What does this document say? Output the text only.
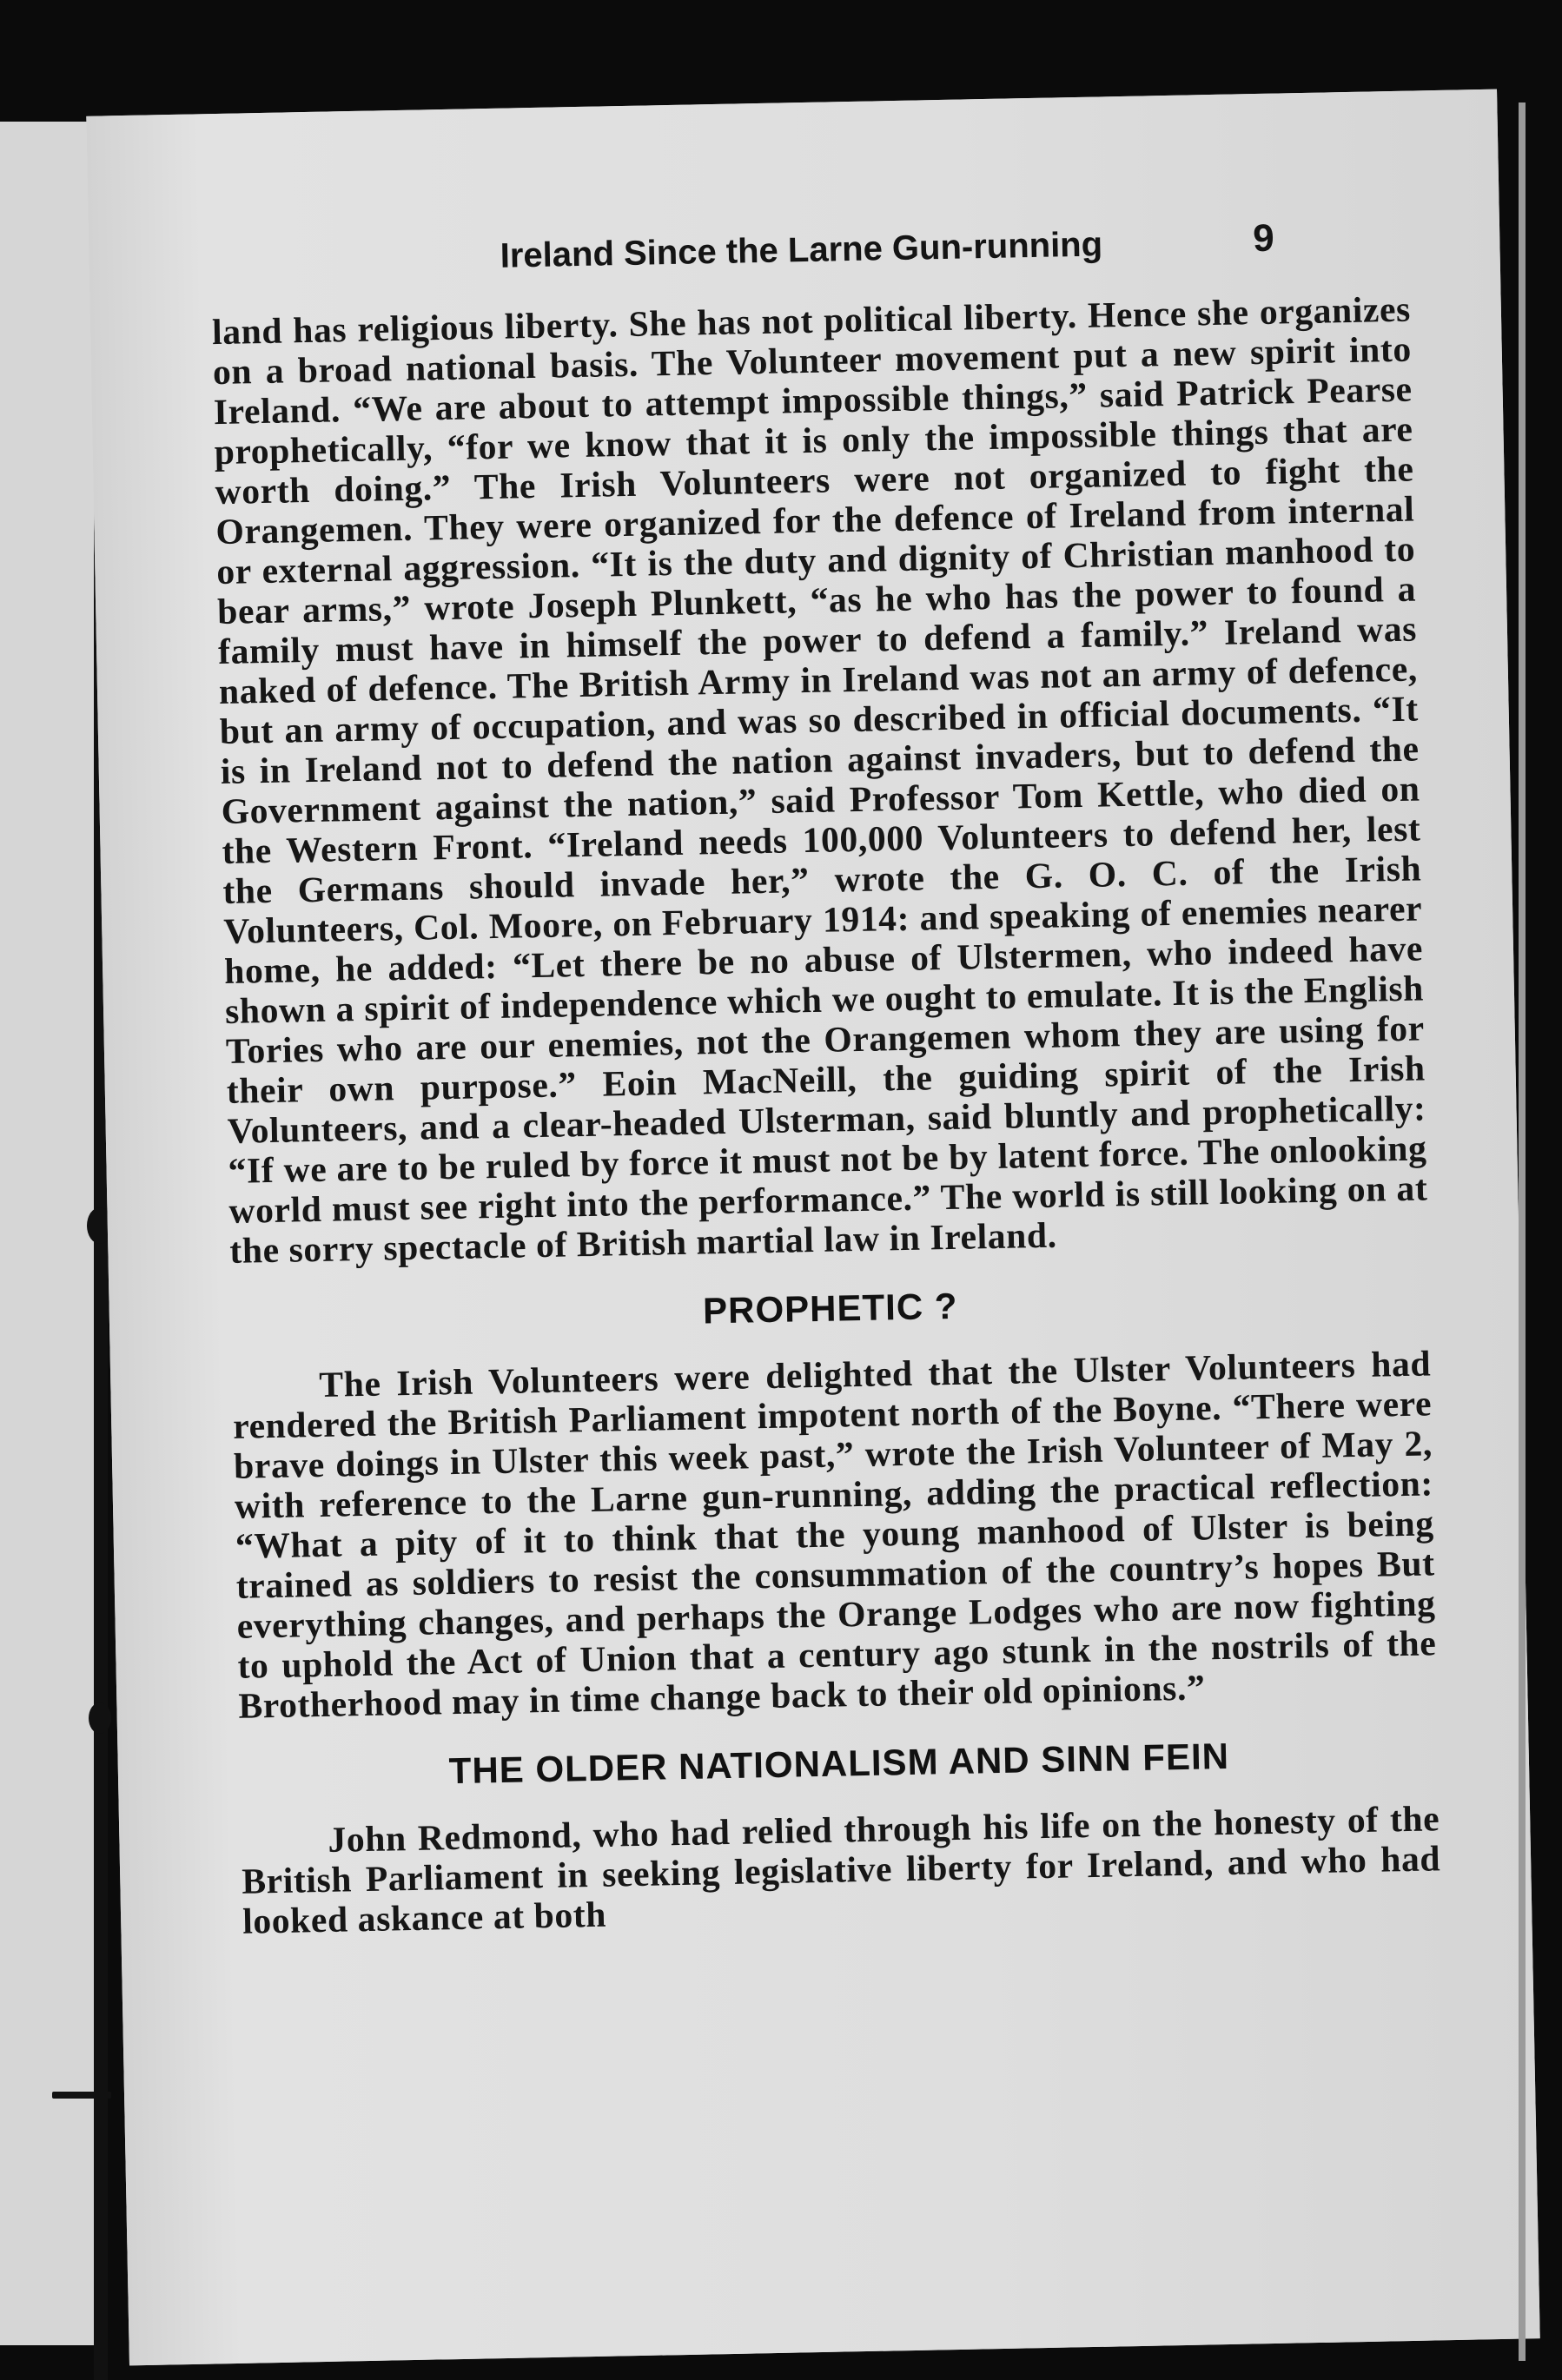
Ireland Since the Larne Gun-running	9

land has religious liberty. She has not political liberty. Hence she organizes on a broad national basis. The Volunteer movement put a new spirit into Ireland. “We are about to attempt impossible things,” said Patrick Pearse prophetically, “for we know that it is only the impossible things that are worth doing.” The Irish Volunteers were not organized to fight the Orangemen. They were organized for the defence of Ireland from internal or external aggression. “It is the duty and dignity of Christian manhood to bear arms,” wrote Joseph Plunkett, “as he who has the power to found a family must have in himself the power to defend a family.” Ireland was naked of defence. The British Army in Ireland was not an army of defence, but an army of occupation, and was so described in official documents. “It is in Ireland not to defend the nation against invaders, but to defend the Government against the nation,” said Professor Tom Kettle, who died on the Western Front. “Ireland needs 100,000 Volunteers to defend her, lest the Germans should invade her,” wrote the G. O. C. of the Irish Volunteers, Col. Moore, on February 1914: and speaking of enemies nearer home, he added: “Let there be no abuse of Ulstermen, who indeed have shown a spirit of independence which we ought to emulate. It is the English Tories who are our enemies, not the Orangemen whom they are using for their own purpose.” Eoin MacNeill, the guiding spirit of the Irish Volunteers, and a clear-headed Ulsterman, said bluntly and prophetically: “If we are to be ruled by force it must not be by latent force. The onlooking world must see right into the performance.” The world is still looking on at the sorry spectacle of British martial law in Ireland.

PROPHETIC ?

The Irish Volunteers were delighted that the Ulster Volunteers had rendered the British Parliament impotent north of the Boyne. “There were brave doings in Ulster this week past,” wrote the Irish Volunteer of May 2, with reference to the Larne gun-running, adding the practical reflection: “What a pity of it to think that the young manhood of Ulster is being trained as soldiers to resist the consummation of the country’s hopes But everything changes, and perhaps the Orange Lodges who are now fighting to uphold the Act of Union that a century ago stunk in the nostrils of the Brotherhood may in time change back to their old opinions.”

THE OLDER NATIONALISM AND SINN FEIN

John Redmond, who had relied through his life on the honesty of the British Parliament in seeking legislative liberty for Ireland, and who had looked askance at both
